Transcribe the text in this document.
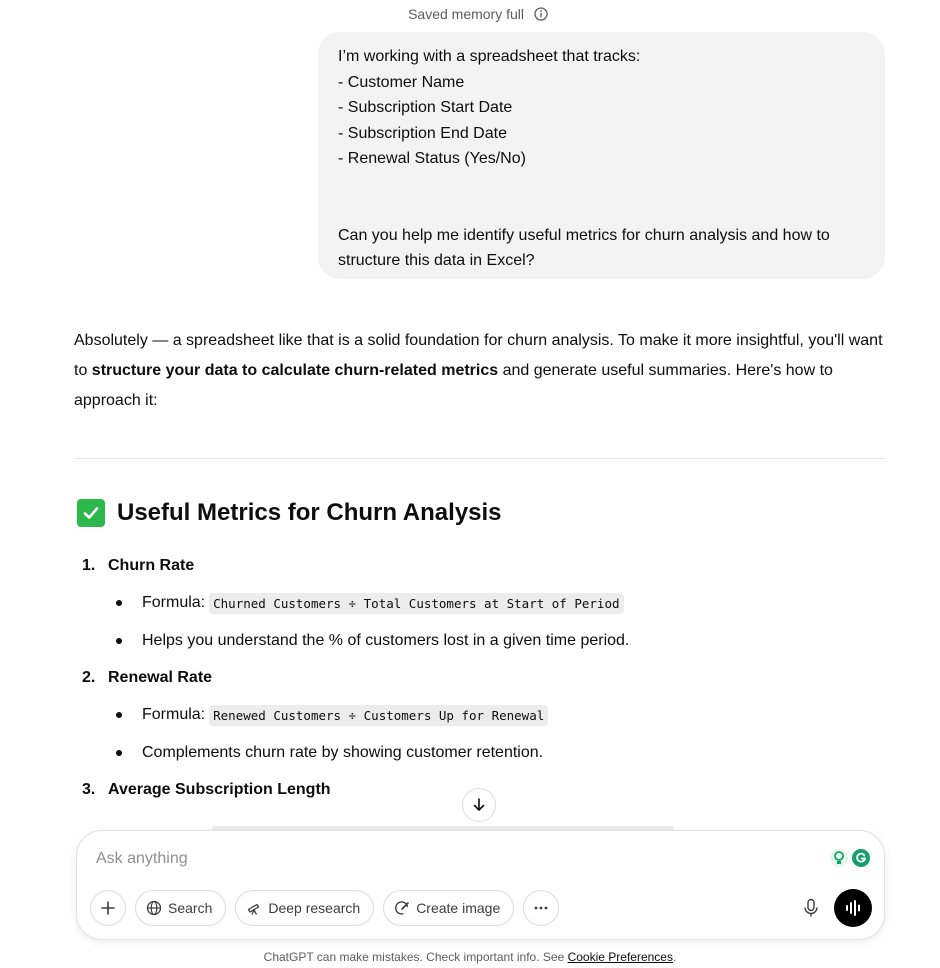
Saved memory full
I’m working with a spreadsheet that tracks:
- Customer Name
- Subscription Start Date
- Subscription End Date
- Renewal Status (Yes/No)
Can you help me identify useful metrics for churn analysis and how to
structure this data in Excel?

Absolutely — a spreadsheet like that is a solid foundation for churn analysis. To make it more insightful, you'll want to structure your data to calculate churn-related metrics and generate useful summaries. Here's how to approach it:

Useful Metrics for Churn Analysis
1. Churn Rate
Formula: Churned Customers ÷ Total Customers at Start of Period
Helps you understand the % of customers lost in a given time period.
2. Renewal Rate
Formula: Renewed Customers ÷ Customers Up for Renewal
Complements churn rate by showing customer retention.
3. Average Subscription Length
Ask anything
Search	Deep research	Create image
ChatGPT can make mistakes. Check important info. See Cookie Preferences.
